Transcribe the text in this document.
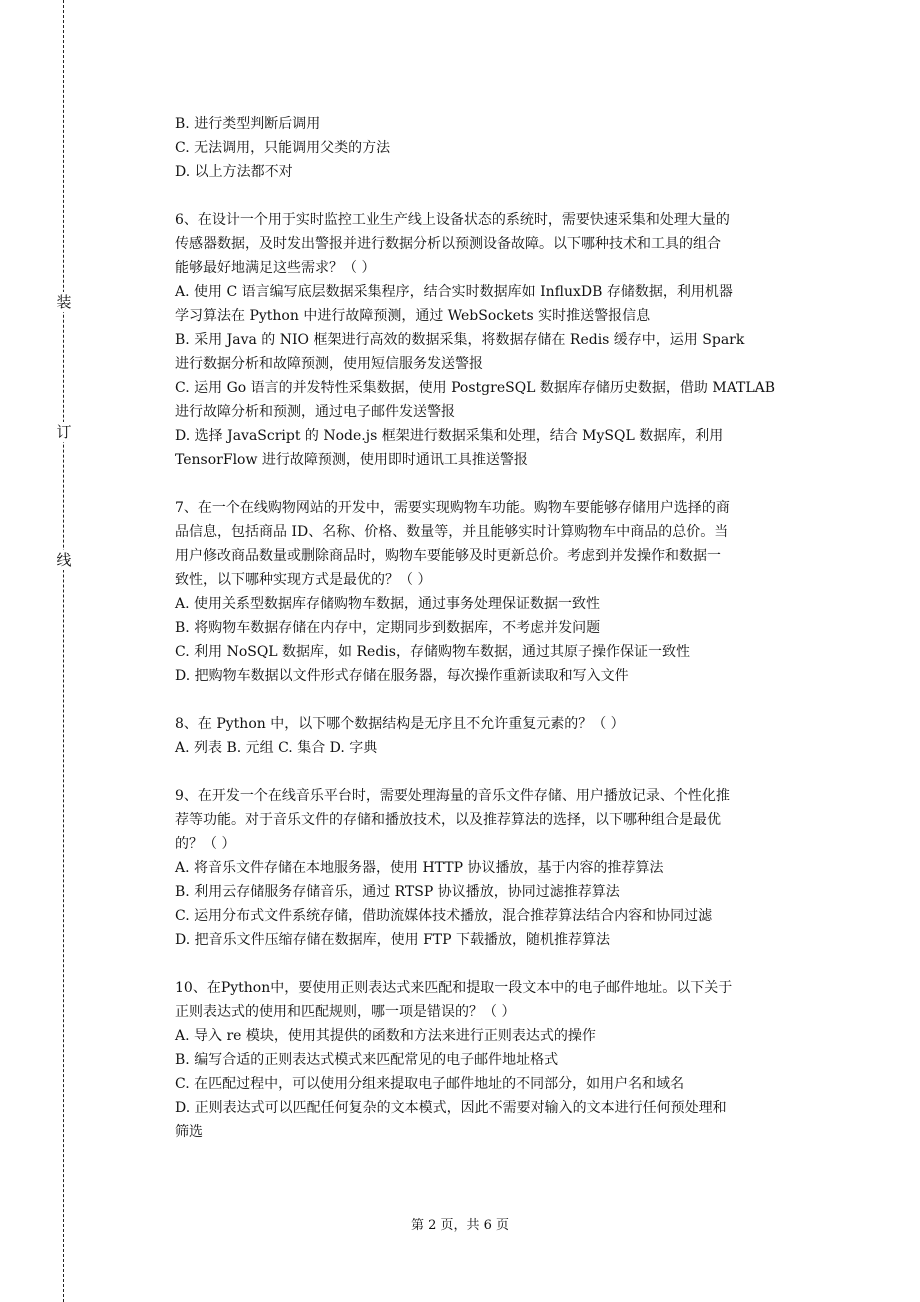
装
订
线
B. 进行类型判断后调用
C. 无法调用，只能调用父类的方法
D. 以上方法都不对
6、在设计一个用于实时监控工业生产线上设备状态的系统时，需要快速采集和处理大量的
传感器数据，及时发出警报并进行数据分析以预测设备故障。以下哪种技术和工具的组合
能够最好地满足这些需求？（ ）
A. 使用 C 语言编写底层数据采集程序，结合实时数据库如 InfluxDB 存储数据，利用机器
学习算法在 Python 中进行故障预测，通过 WebSockets 实时推送警报信息
B. 采用 Java 的 NIO 框架进行高效的数据采集，将数据存储在 Redis 缓存中，运用 Spark
进行数据分析和故障预测，使用短信服务发送警报
C. 运用 Go 语言的并发特性采集数据，使用 PostgreSQL 数据库存储历史数据，借助 MATLAB
进行故障分析和预测，通过电子邮件发送警报
D. 选择 JavaScript 的 Node.js 框架进行数据采集和处理，结合 MySQL 数据库，利用
TensorFlow 进行故障预测，使用即时通讯工具推送警报
7、在一个在线购物网站的开发中，需要实现购物车功能。购物车要能够存储用户选择的商
品信息，包括商品 ID、名称、价格、数量等，并且能够实时计算购物车中商品的总价。当
用户修改商品数量或删除商品时，购物车要能够及时更新总价。考虑到并发操作和数据一
致性，以下哪种实现方式是最优的？（ ）
A. 使用关系型数据库存储购物车数据，通过事务处理保证数据一致性
B. 将购物车数据存储在内存中，定期同步到数据库，不考虑并发问题
C. 利用 NoSQL 数据库，如 Redis，存储购物车数据，通过其原子操作保证一致性
D. 把购物车数据以文件形式存储在服务器，每次操作重新读取和写入文件
8、在 Python 中，以下哪个数据结构是无序且不允许重复元素的？（ ）
A. 列表 B. 元组 C. 集合 D. 字典
9、在开发一个在线音乐平台时，需要处理海量的音乐文件存储、用户播放记录、个性化推
荐等功能。对于音乐文件的存储和播放技术，以及推荐算法的选择，以下哪种组合是最优
的？（ ）
A. 将音乐文件存储在本地服务器，使用 HTTP 协议播放，基于内容的推荐算法
B. 利用云存储服务存储音乐，通过 RTSP 协议播放，协同过滤推荐算法
C. 运用分布式文件系统存储，借助流媒体技术播放，混合推荐算法结合内容和协同过滤
D. 把音乐文件压缩存储在数据库，使用 FTP 下载播放，随机推荐算法
10、在Python中，要使用正则表达式来匹配和提取一段文本中的电子邮件地址。以下关于
正则表达式的使用和匹配规则，哪一项是错误的？（ ）
A. 导入 re 模块，使用其提供的函数和方法来进行正则表达式的操作
B. 编写合适的正则表达式模式来匹配常见的电子邮件地址格式
C. 在匹配过程中，可以使用分组来提取电子邮件地址的不同部分，如用户名和域名
D. 正则表达式可以匹配任何复杂的文本模式，因此不需要对输入的文本进行任何预处理和
筛选
第 2 页，共 6 页
